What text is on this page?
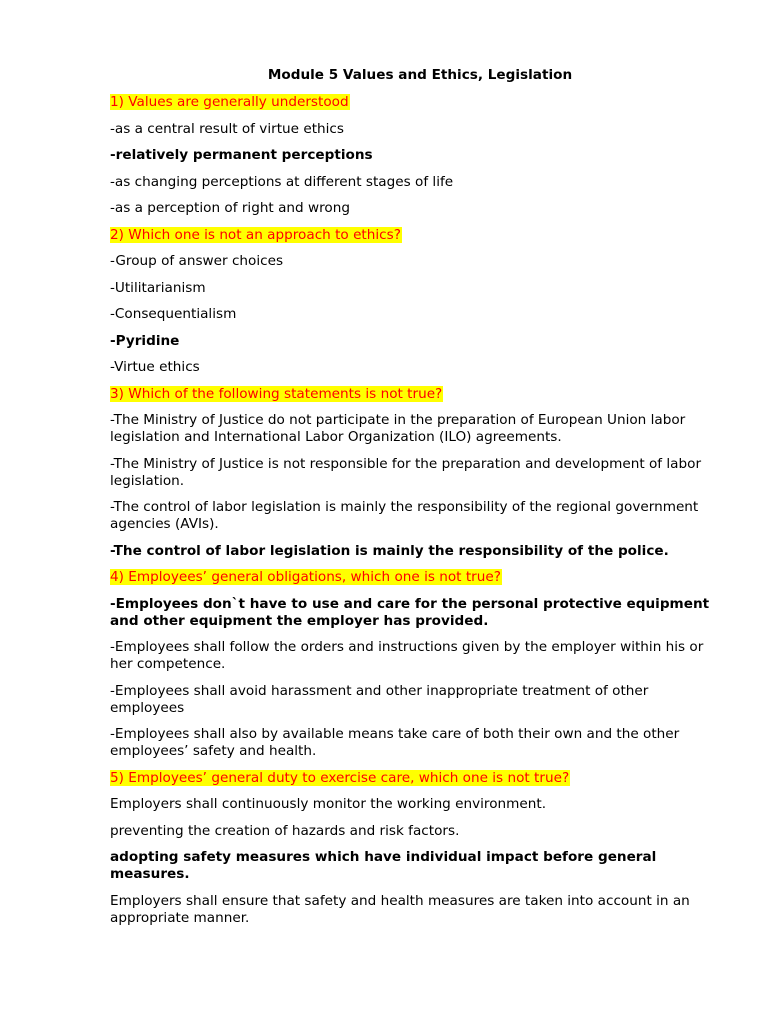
Module 5 Values and Ethics, Legislation
1) Values are generally understood
-as a central result of virtue ethics
-relatively permanent perceptions
-as changing perceptions at different stages of life
-as a perception of right and wrong
2) Which one is not an approach to ethics?
-Group of answer choices
-Utilitarianism
-Consequentialism
-Pyridine
-Virtue ethics
3) Which of the following statements is not true?
-The Ministry of Justice do not participate in the preparation of European Union labor legislation and International Labor Organization (ILO) agreements.
-The Ministry of Justice is not responsible for the preparation and development of labor legislation.
-The control of labor legislation is mainly the responsibility of the regional government agencies (AVIs).
-The control of labor legislation is mainly the responsibility of the police.
4) Employees’ general obligations, which one is not true?
-Employees don`t have to use and care for the personal protective equipment and other equipment the employer has provided.
-Employees shall follow the orders and instructions given by the employer within his or her competence.
-Employees shall avoid harassment and other inappropriate treatment of other employees
-Employees shall also by available means take care of both their own and the other employees’ safety and health.
5) Employees’ general duty to exercise care, which one is not true?
Employers shall continuously monitor the working environment.
preventing the creation of hazards and risk factors.
adopting safety measures which have individual impact before general measures.
Employers shall ensure that safety and health measures are taken into account in an appropriate manner.
